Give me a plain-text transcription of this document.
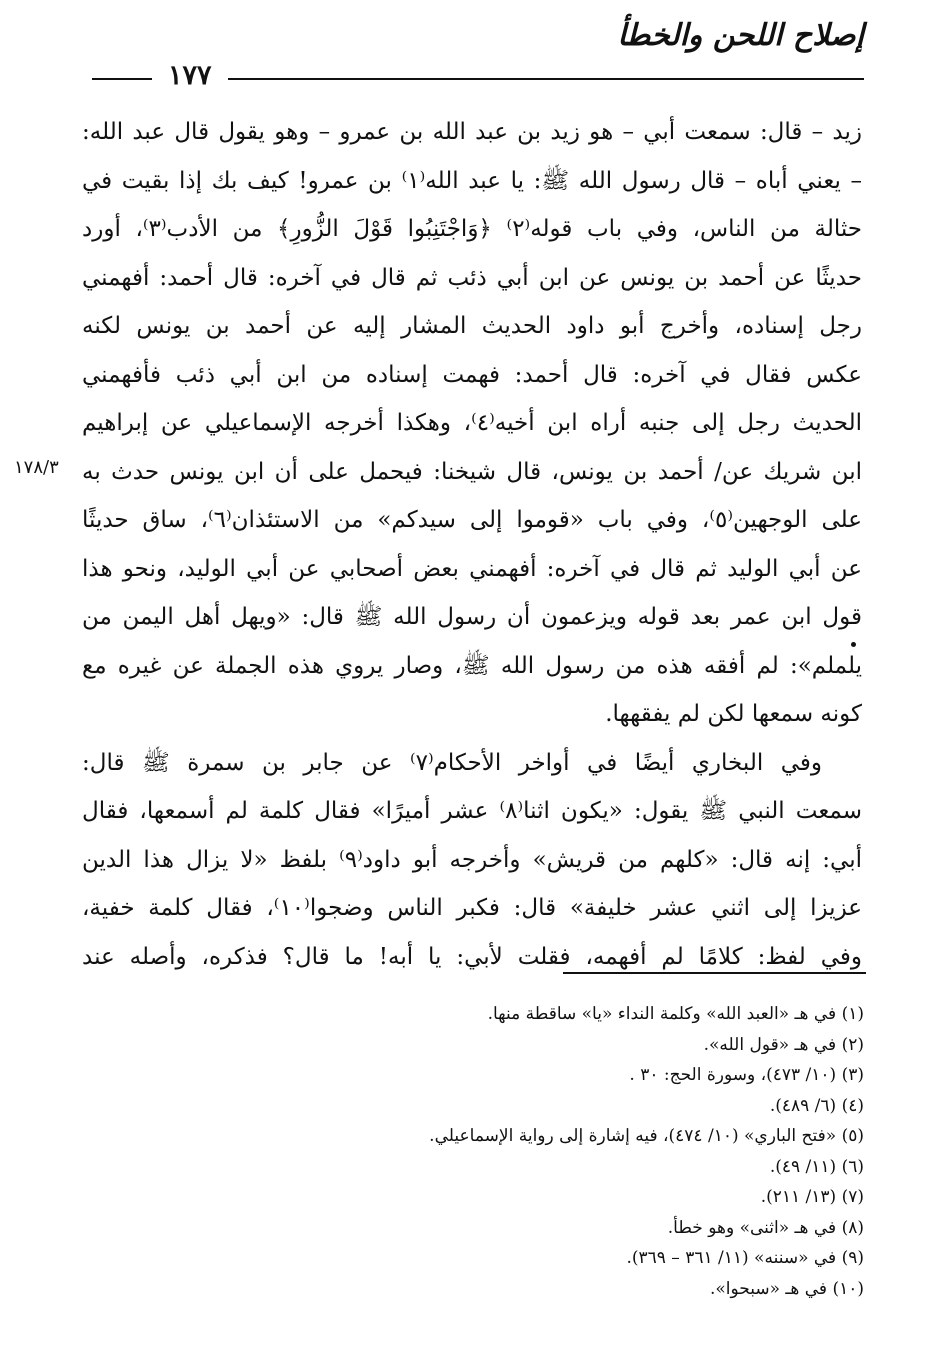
إصلاح اللحن والخطأ
١٧٧
زيد – قال: سمعت أبي – هو زيد بن عبد الله بن عمرو – وهو يقول قال عبد الله:
– يعني أباه – قال رسول الله ﷺ: يا عبد الله⁽١⁾ بن عمرو! كيف بك إذا بقيت في
حثالة من الناس، وفي باب قوله⁽٢⁾ ﴿وَاجْتَنِبُوا قَوْلَ الزُّورِ﴾ من الأدب⁽٣⁾، أورد
حديثًا عن أحمد بن يونس عن ابن أبي ذئب ثم قال في آخره: قال أحمد: أفهمني
رجل إسناده، وأخرج أبو داود الحديث المشار إليه عن أحمد بن يونس لكنه
عكس فقال في آخره: قال أحمد: فهمت إسناده من ابن أبي ذئب فأفهمني
الحديث رجل إلى جنبه أراه ابن أخيه⁽٤⁾، وهكذا أخرجه الإسماعيلي عن إبراهيم
ابن شريك عن/ أحمد بن يونس، قال شيخنا: فيحمل على أن ابن يونس حدث به
على الوجهين⁽٥⁾، وفي باب «قوموا إلى سيدكم» من الاستئذان⁽٦⁾، ساق حديثًا
عن أبي الوليد ثم قال في آخره: أفهمني بعض أصحابي عن أبي الوليد، ونحو هذا
قول ابن عمر بعد قوله ويزعمون أن رسول الله ﷺ قال: «ويهل أهل اليمن من
يلملم»: لم أفقه هذه من رسول الله ﷺ، وصار يروي هذه الجملة عن غيره مع
كونه سمعها لكن لم يفقهها.
وفي البخاري أيضًا في أواخر الأحكام⁽٧⁾ عن جابر بن سمرة ﷺ قال:
سمعت النبي ﷺ يقول: «يكون اثنا⁽٨⁾ عشر أميرًا» فقال كلمة لم أسمعها، فقال
أبي: إنه قال: «كلهم من قريش» وأخرجه أبو داود⁽٩⁾ بلفظ «لا يزال هذا الدين
عزيزا إلى اثني عشر خليفة» قال: فكبر الناس وضجوا⁽١٠⁾، فقال كلمة خفية،
وفي لفظ: كلامًا لم أفهمه، فقلت لأبي: يا أبه! ما قال؟ فذكره، وأصله عند
١٧٨/٣
(١) في هـ «العبد الله» وكلمة النداء «يا» ساقطة منها.
(٢) في هـ «قول الله».
(٣) (١٠/ ٤٧٣)، وسورة الحج: ٣٠ .
(٤) (٦/ ٤٨٩).
(٥) «فتح الباري» (١٠/ ٤٧٤)، فيه إشارة إلى رواية الإسماعيلي.
(٦) (١١/ ٤٩).
(٧) (١٣/ ٢١١).
(٨) في هـ «اثنى» وهو خطأ.
(٩) في «سننه» (١١/ ٣٦١ – ٣٦٩).
(١٠) في هـ «سبحوا».
